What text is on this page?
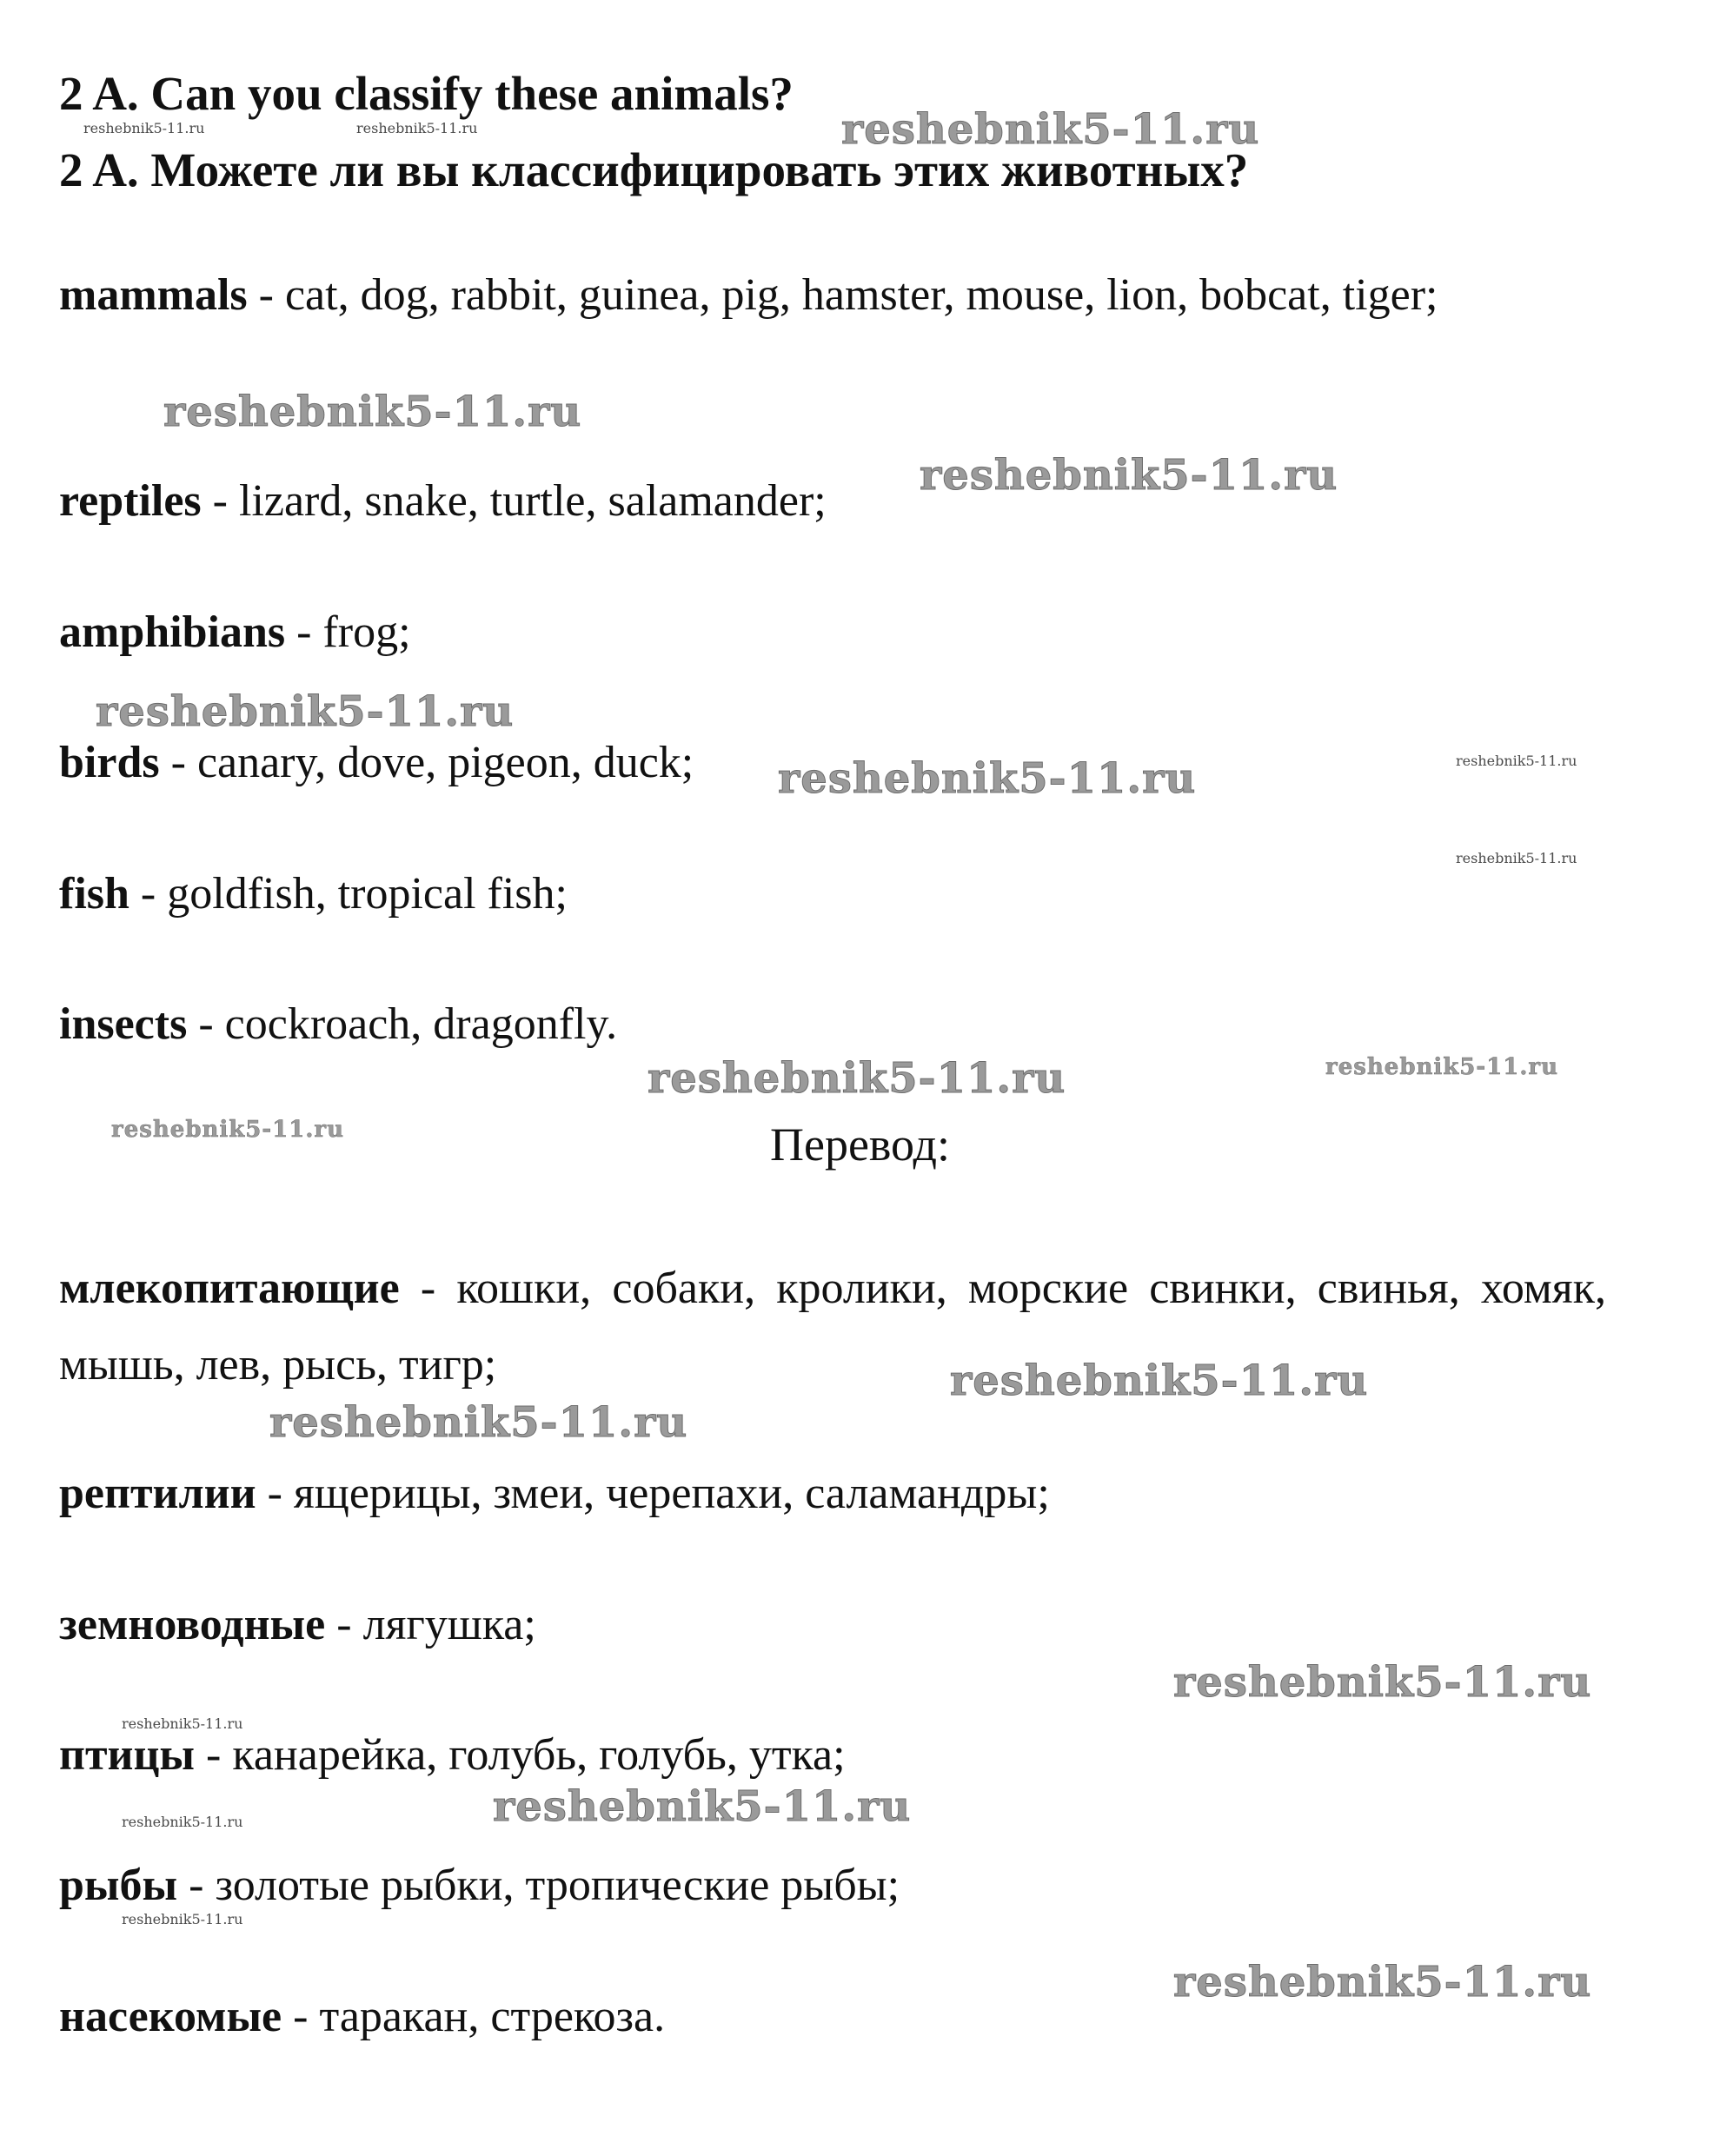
2 A. Can you classify these animals?
2 A. Можете ли вы классифицировать этих животных?
mammals - cat, dog, rabbit, guinea, pig, hamster, mouse, lion, bobcat, tiger;
reptiles - lizard, snake, turtle, salamander;
amphibians - frog;
birds - canary, dove, pigeon, duck;
fish - goldfish, tropical fish;
insects - cockroach, dragonfly.
Перевод:
млекопитающие - кошки, собаки, кролики, морские свинки, свинья, хомяк, мышь, лев, рысь, тигр;
рептилии - ящерицы, змеи, черепахи, саламандры;
земноводные - лягушка;
птицы - канарейка, голубь, голубь, утка;
рыбы - золотые рыбки, тропические рыбы;
насекомые - таракан, стрекоза.
reshebnik5-11.ru	reshebnik5-11.ru	reshebnik5-11.ru
reshebnik5-11.ru
reshebnik5-11.ru
reshebnik5-11.ru
reshebnik5-11.ru	reshebnik5-11.ru
reshebnik5-11.ru
reshebnik5-11.ru	reshebnik5-11.ru
reshebnik5-11.ru
reshebnik5-11.ru
reshebnik5-11.ru
reshebnik5-11.ru
reshebnik5-11.ru
reshebnik5-11.ru
reshebnik5-11.ru
reshebnik5-11.ru
reshebnik5-11.ru
